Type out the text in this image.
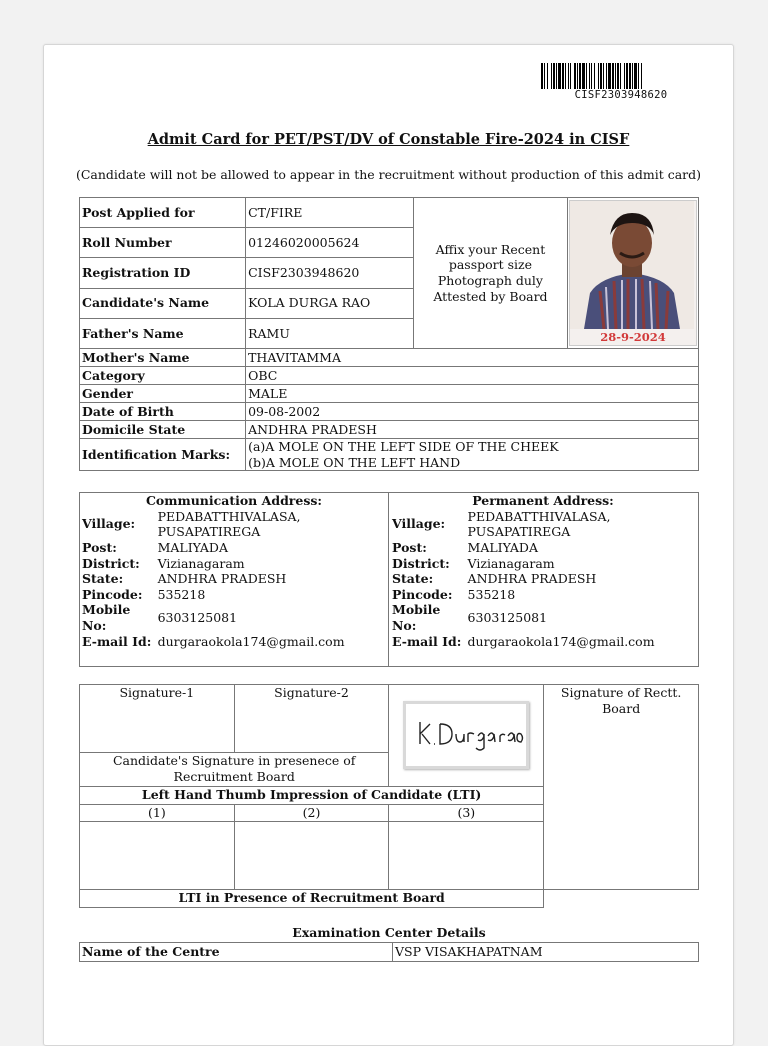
CISF2303948620
Admit Card for PET/PST/DV of Constable Fire-2024 in CISF
(Candidate will not be allowed to appear in the recruitment without production of this admit card)
Post Applied for	CT/FIRE	Affix your Recent passport size Photograph duly Attested by Board	28-9-2024

Roll Number	01246020005624		
Registration ID	CISF2303948620		
Candidate's Name	KOLA DURGA RAO		
Father's Name	RAMU		
Mother's Name	THAVITAMMA		
Category	OBC		
Gender	MALE		
Date of Birth	09-08-2002		
Domicile State	ANDHRA PRADESH		
Identification Marks:	(a)A MOLE ON THE LEFT SIDE OF THE CHEEK
(b)A MOLE ON THE LEFT HAND		
Communication Address:	
Village:	PEDABATTHIVALASA, PUSAPATIREGA
Post:	MALIYADA
District:	Vizianagaram
State:	ANDHRA PRADESH
Pincode:	535218
Mobile No:	6303125081
E-mail Id:	durgaraokola174@gmail.com
Permanent Address:	
Village:	PEDABATTHIVALASA, PUSAPATIREGA
Post:	MALIYADA
District:	Vizianagaram
State:	ANDHRA PRADESH
Pincode:	535218
Mobile No:	6303125081
E-mail Id:	durgaraokola174@gmail.com
Signature-1	Signature-2		Signature of Rectt. Board
Candidate's Signature in presenece of Recruitment Board			
Left Hand Thumb Impression of Candidate (LTI)			
(1)	(2)	(3)	

LTI in Presence of Recruitment Board			
Examination Center Details
Name of the Centre	VSP VISAKHAPATNAM
